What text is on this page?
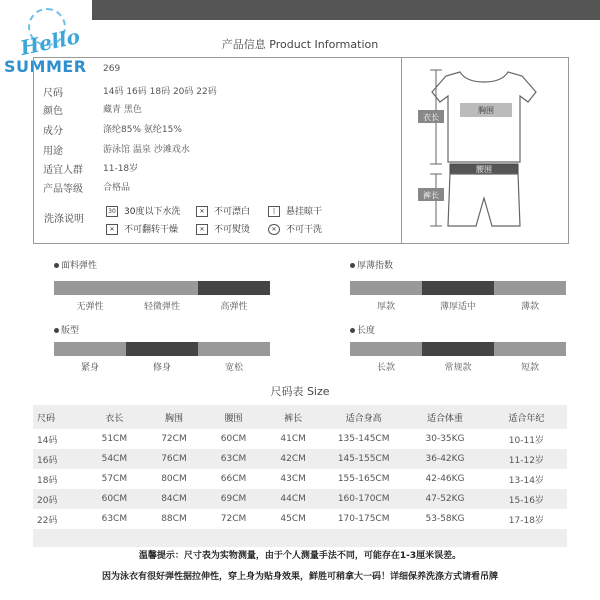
Hello
SUMMER
产品信息 Product Information
269
尺码	14码 16码 18码 20码 22码
颜色	藏青 黑色
成分	涤纶85% 氨纶15%
用途	游泳馆 温泉 沙滩戏水
适宜人群	11-18岁
产品等级	合格品
洗涤说明
30 30度以下水洗	✕ 不可漂白	| 悬挂晾干
✕ 不可翻转干燥	✕ 不可熨烫	✕ 不可干洗
胸围
衣长
腰围
裤长
面料弹性
无弹性	轻微弹性	高弹性
厚薄指数
厚款	薄厚适中	薄款
版型
紧身	修身	宽松
长度
长款	常规款	短款
尺码表 Size
尺码	衣长	胸围	腰围	裤长	适合身高	适合体重	适合年纪
14码	51CM	72CM	60CM	41CM	135-145CM	30-35KG	10-11岁
16码	54CM	76CM	63CM	42CM	145-155CM	36-42KG	11-12岁
18码	57CM	80CM	66CM	43CM	155-165CM	42-46KG	13-14岁
20码	60CM	84CM	69CM	44CM	160-170CM	47-52KG	15-16岁
22码	63CM	88CM	72CM	45CM	170-175CM	53-58KG	17-18岁

温馨提示：尺寸表为实物测量，由于个人测量手法不同，可能存在1-3厘米误差。
因为泳衣有很好弹性据拉伸性，穿上身为贴身效果，鲜胜可稍拿大一码！详细保养洗涤方式请看吊牌
